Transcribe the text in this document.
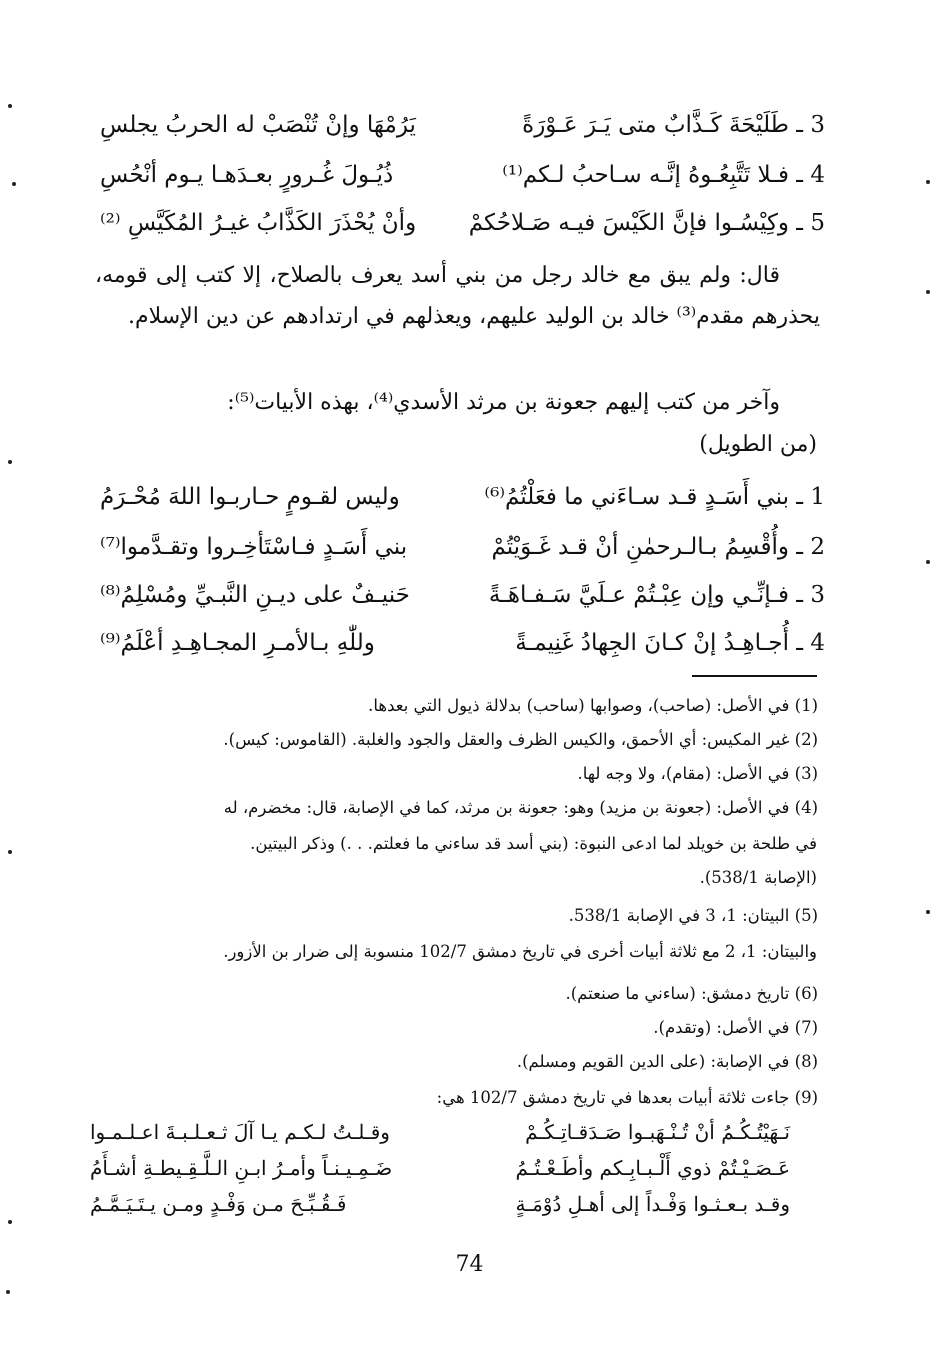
3 ـ طَلَيْحَةَ كَـذَّابٌ متى يَـرَ عَـوْرَةً
يَرُمْهَا وإنْ تُنْصَبْ له الحربُ يجلسِ
4 ـ فـلا تَتَّبِعُـوهُ إنَّـه سـاحبُ لـكم⁽¹⁾
ذُيُـولَ غُـرورٍ بعـدَهـا يـوم أنْحُسِ
5 ـ وكِيْسُـوا فإنَّ الكَيْسَ فيـه صَـلاحُكمْ
وأنْ يُحْذَرَ الكَذَّابُ غيـرُ المُكَيَّسِ ⁽²⁾
قال: ولم يبق مع خالد رجل من بني أسد يعرف بالصلاح، إلا كتب إلى قومه، يحذرهم مقدم⁽³⁾ خالد بن الوليد عليهم، ويعذلهم في ارتدادهم عن دين الإسلام.
وآخر من كتب إليهم جعونة بن مرثد الأسدي⁽⁴⁾، بهذه الأبيات⁽⁵⁾:
(من الطويل)
1 ـ بني أَسَـدٍ قـد سـاءَني ما فعَلْتُمُ⁽⁶⁾
وليس لقـومٍ حـاربـوا اللهَ مُحْـرَمُ
2 ـ وأُقْسِمُ بـالـرحمٰنِ أنْ قـد غَـوَيْتُمْ
بني أَسَـدٍ فـاسْتَأخِـروا وتقـدَّموا⁽⁷⁾
3 ـ فـإنِّـي وإن عِبْـتُمْ عـلَيَّ سَـفـاهَـةً
حَنيـفٌ على ديـنِ النَّبـيِّ ومُسْلِمُ⁽⁸⁾
4 ـ أُجـاهِـدُ إنْ كـانَ الجِهادُ غَنِيمـةً
وللّٰهِ بـالأمـرِ المجـاهِـدِ أعْلَمُ⁽⁹⁾
(1) في الأصل: (صاحب)، وصوابها (ساحب) بدلالة ذيول التي بعدها.
(2) غير المكيس: أي الأحمق، والكيس الظرف والعقل والجود والغلبة. (القاموس: كيس).
(3) في الأصل: (مقام)، ولا وجه لها.
(4) في الأصل: (جعونة بن مزيد) وهو: جعونة بن مرثد، كما في الإصابة، قال: مخضرم، له
في طلحة بن خويلد لما ادعى النبوة: (بني أسد قد ساءني ما فعلتم. . .) وذكر البيتين.
(الإصابة 538/1).
(5) البيتان: 1، 3 في الإصابة 538/1.
والبيتان: 1، 2 مع ثلاثة أبيات أخرى في تاريخ دمشق 102/7 منسوبة إلى ضرار بن الأزور.
(6) تاريخ دمشق: (ساءني ما صنعتم).
(7) في الأصل: (وتقدم).
(8) في الإصابة: (على الدين القويم ومسلم).
(9) جاءت ثلاثة أبيات بعدها في تاريخ دمشق 102/7 هي:
نَـهَيْتُـكُـمُ أنْ تُـنْـهَبـوا صَـدَقـاتِـكُـمْ
وقـلـتُ لـكـم يـا آلَ ثـعـلـبـةَ اعـلـمـوا
عَـصَـيْـتُمْ ذوي أَلْـبـابِـكم وأطَـعْـتُـمُ
ضَـمِـيـنـاً وأمـرُ ابـنِ الـلَّـقِـيطـةِ أشـأَمُ
وقـد بـعـثـوا وَفْـداً إلى أهـلِ دُوْمَـةٍ
فَـقُـبِّـحَ مـن وَفْـدٍ ومـن يـتَـيَـمَّـمُ
74
